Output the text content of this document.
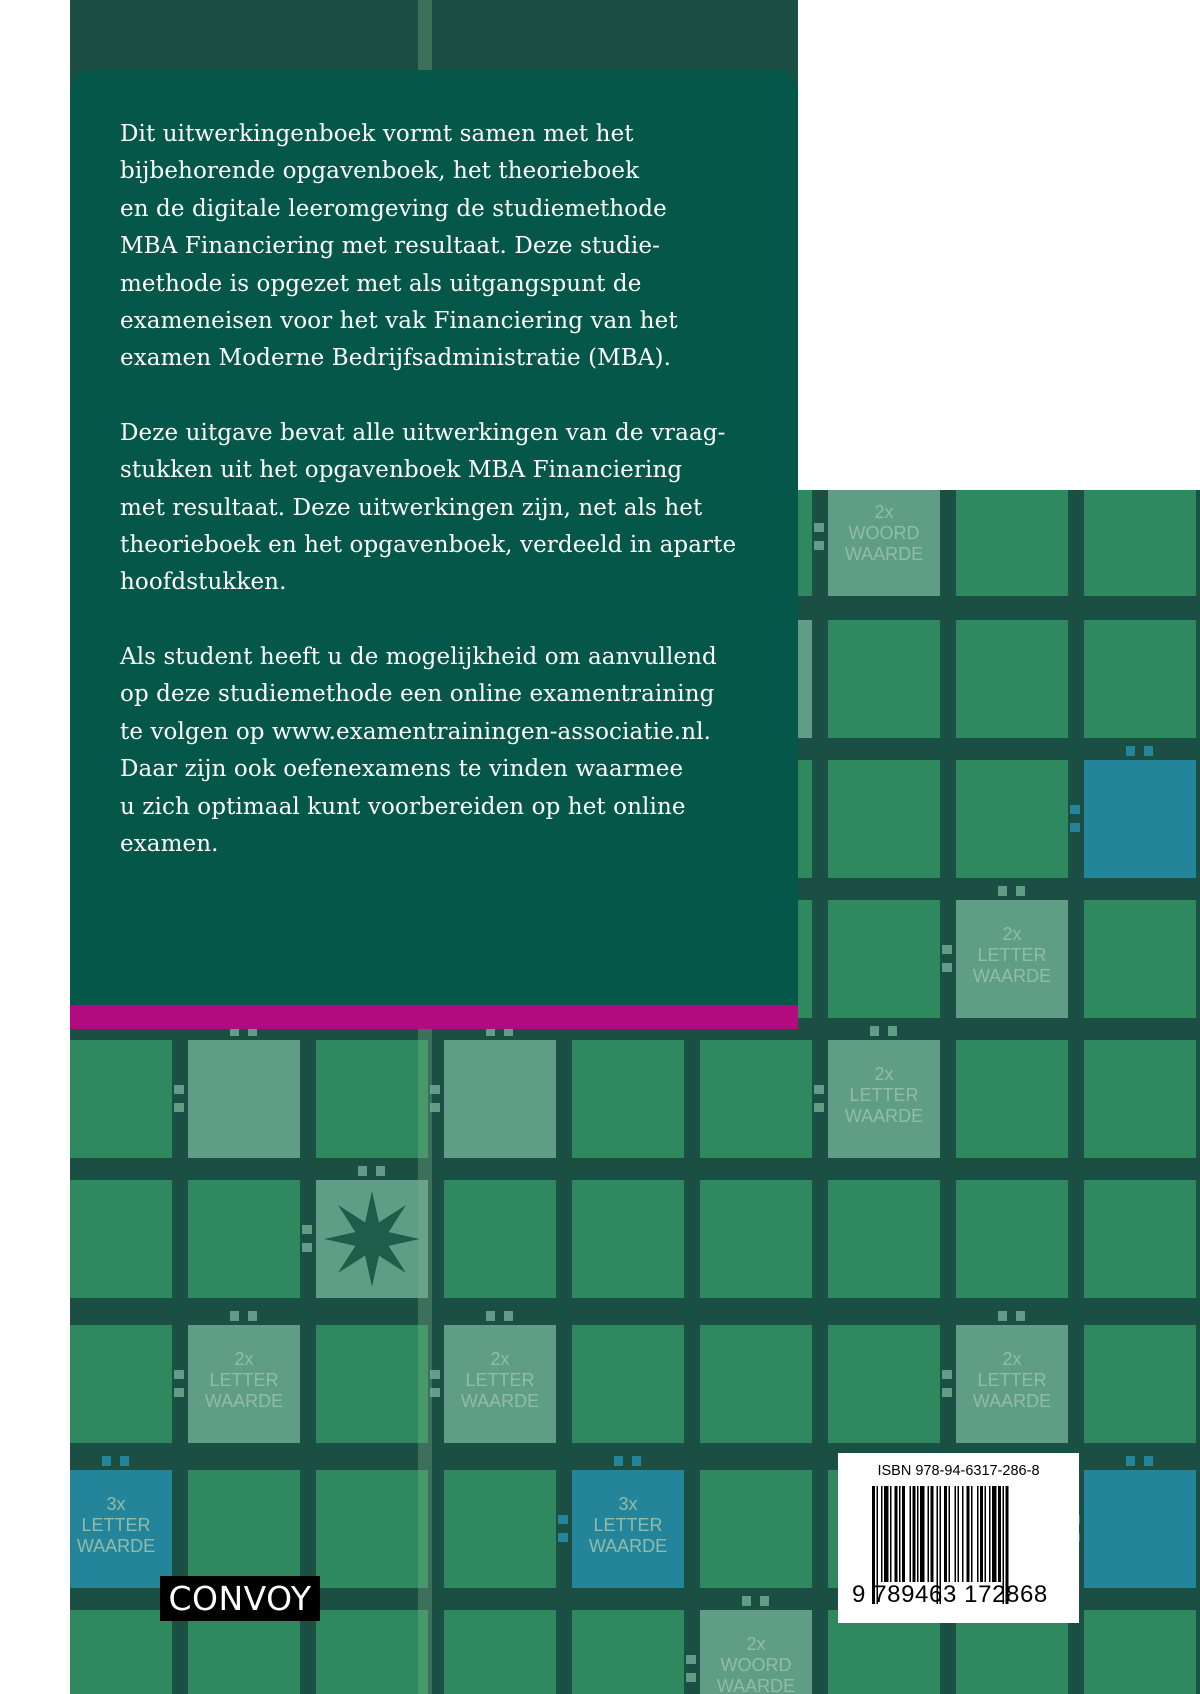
2x
WOORD
WAARDE
2x
LETTER
WAARDE
2x
LETTER
WAARDE
2x
LETTER
WAARDE
2x
LETTER
WAARDE
2x
LETTER
WAARDE
3x
LETTER
WAARDE
3x
LETTER
WAARDE
2x
WOORD
WAARDE

Dit uitwerkingenboek vormt samen met het
bijbehorende opgavenboek, het theorieboek
en de digitale leeromgeving de studiemethode
MBA Financiering met resultaat. Deze studie-
methode is opgezet met als uitgangspunt de
exameneisen voor het vak Financiering van het
examen Moderne Bedrijfsadministratie (MBA).

Deze uitgave bevat alle uitwerkingen van de vraag-
stukken uit het opgavenboek MBA Financiering
met resultaat. Deze uitwerkingen zijn, net als het
theorieboek en het opgavenboek, verdeeld in aparte
hoofdstukken.

Als student heeft u de mogelijkheid om aanvullend
op deze studiemethode een online examentraining
te volgen op www.examentrainingen-associatie.nl.
Daar zijn ook oefenexamens te vinden waarmee
u zich optimaal kunt voorbereiden op het online
examen.

CONVOY
ISBN 978-94-6317-286-8
9 789463 172868
